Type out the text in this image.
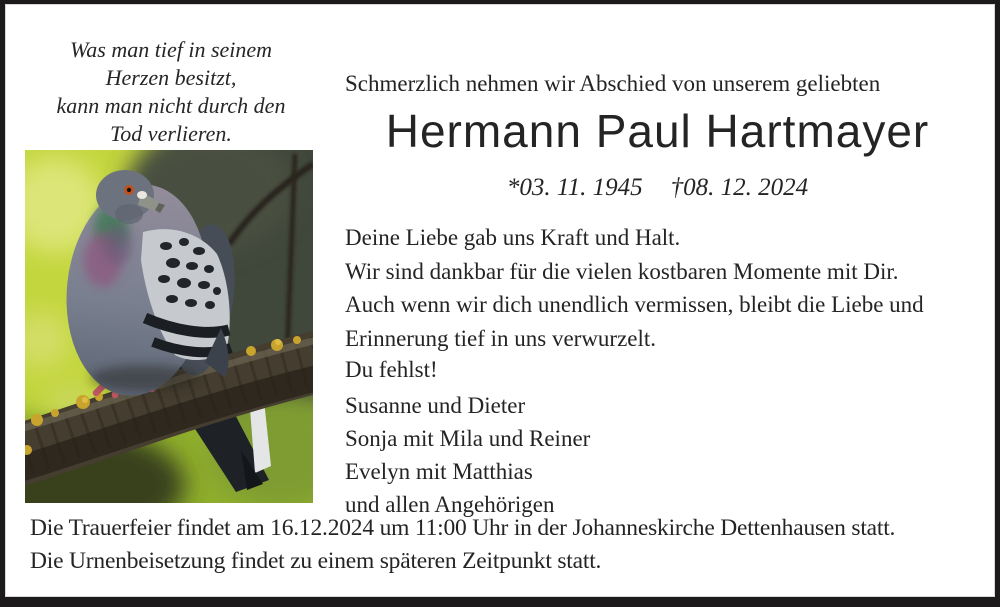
Was man tief in seinem
Herzen besitzt,
kann man nicht durch den
Tod verlieren.
Schmerzlich nehmen wir Abschied von unserem geliebten
Hermann Paul Hartmayer
*03. 11. 1945 †08. 12. 2024
Deine Liebe gab uns Kraft und Halt.
Wir sind dankbar für die vielen kostbaren Momente mit Dir.
Auch wenn wir dich unendlich vermissen, bleibt die Liebe und
Erinnerung tief in uns verwurzelt.
Du fehlst!
Susanne und Dieter
Sonja mit Mila und Reiner
Evelyn mit Matthias
und allen Angehörigen
Die Trauerfeier findet am 16.12.2024 um 11:00 Uhr in der Johanneskirche Dettenhausen statt.
Die Urnenbeisetzung findet zu einem späteren Zeitpunkt statt.
